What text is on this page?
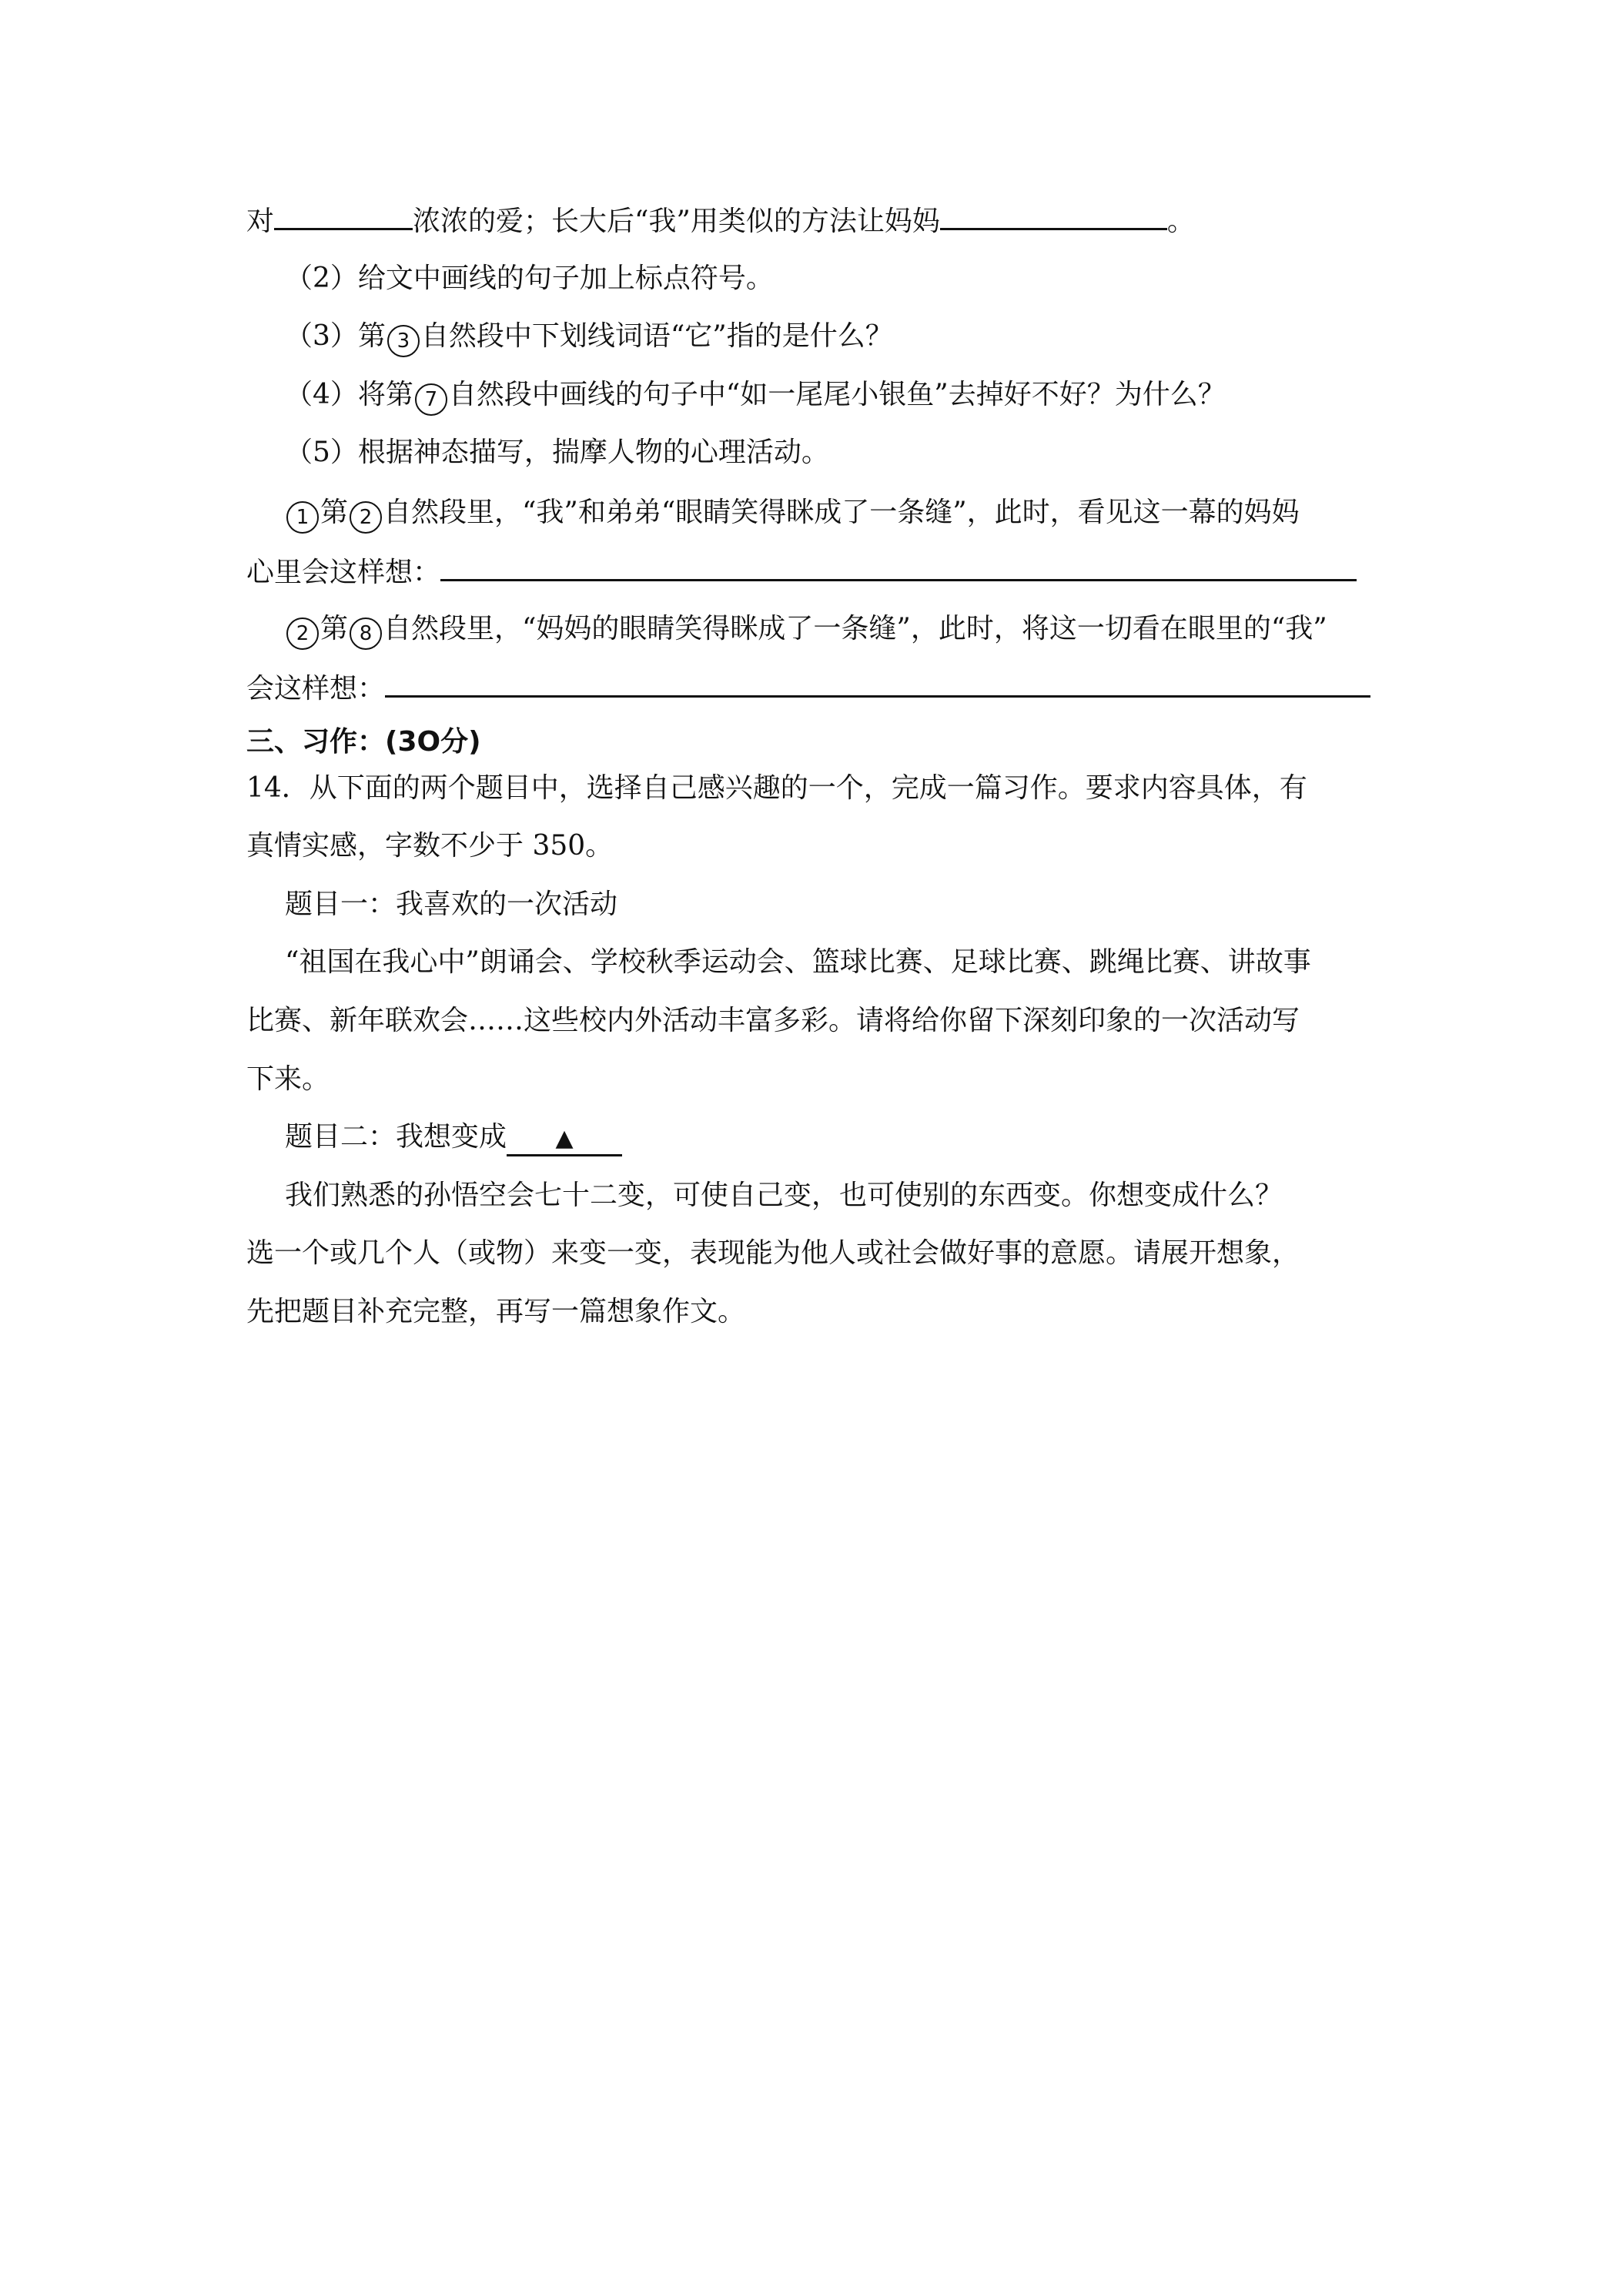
对	浓浓的爱；长大后“我”用类似的方法让妈妈	。
（2）给文中画线的句子加上标点符号。
（3）第 3 自然段中下划线词语“它”指的是什么？
（4）将第 7 自然段中画线的句子中“如一尾尾小银鱼”去掉好不好？为什么？
（5）根据神态描写，揣摩人物的心理活动。
1 第 2 自然段里，“我”和弟弟“眼睛笑得眯成了一条缝”，此时，看见这一幕的妈妈
心里会这样想：
2 第 8 自然段里，“妈妈的眼睛笑得眯成了一条缝”，此时，将这一切看在眼里的“我”
会这样想：
三、习作：(3O分)
14．从下面的两个题目中，选择自己感兴趣的一个，完成一篇习作。要求内容具体，有
真情实感，字数不少于 350。
题目一：我喜欢的一次活动
“祖国在我心中”朗诵会、学校秋季运动会、篮球比赛、足球比赛、跳绳比赛、讲故事
比赛、新年联欢会……这些校内外活动丰富多彩。请将给你留下深刻印象的一次活动写
下来。
题目二：我想变成 ▲
我们熟悉的孙悟空会七十二变，可使自己变，也可使别的东西变。你想变成什么？
选一个或几个人（或物）来变一变，表现能为他人或社会做好事的意愿。请展开想象，
先把题目补充完整，再写一篇想象作文。
